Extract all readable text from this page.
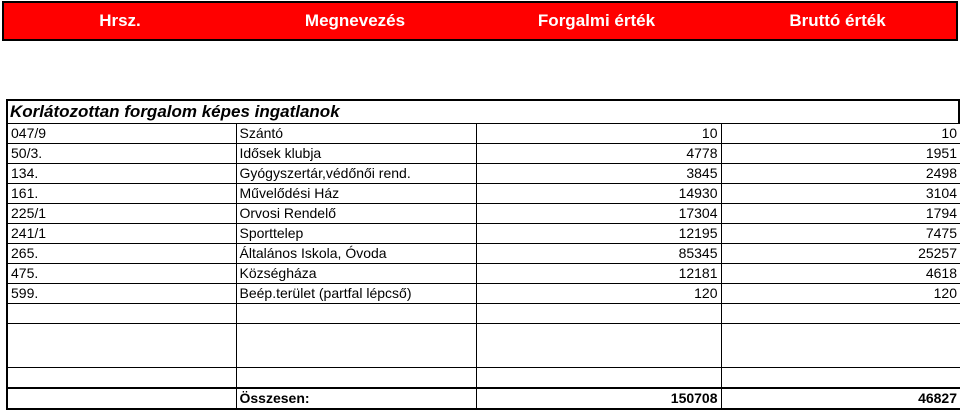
Hrsz.	Megnevezés	Forgalmi érték	Bruttó érték
Korlátozottan forgalom képes ingatlanok
047/9	Szántó	10	10
50/3.	Idősek klubja	4778	1951
134.	Gyógyszertár,védőnői rend.	3845	2498
161.	Művelődési Ház	14930	3104
225/1	Orvosi Rendelő	17304	1794
241/1	Sporttelep	12195	7475
265.	Általános Iskola, Óvoda	85345	25257
475.	Községháza	12181	4618
599.	Beép.terület (partfal lépcső)	120	120

	Összesen:	150708	46827
